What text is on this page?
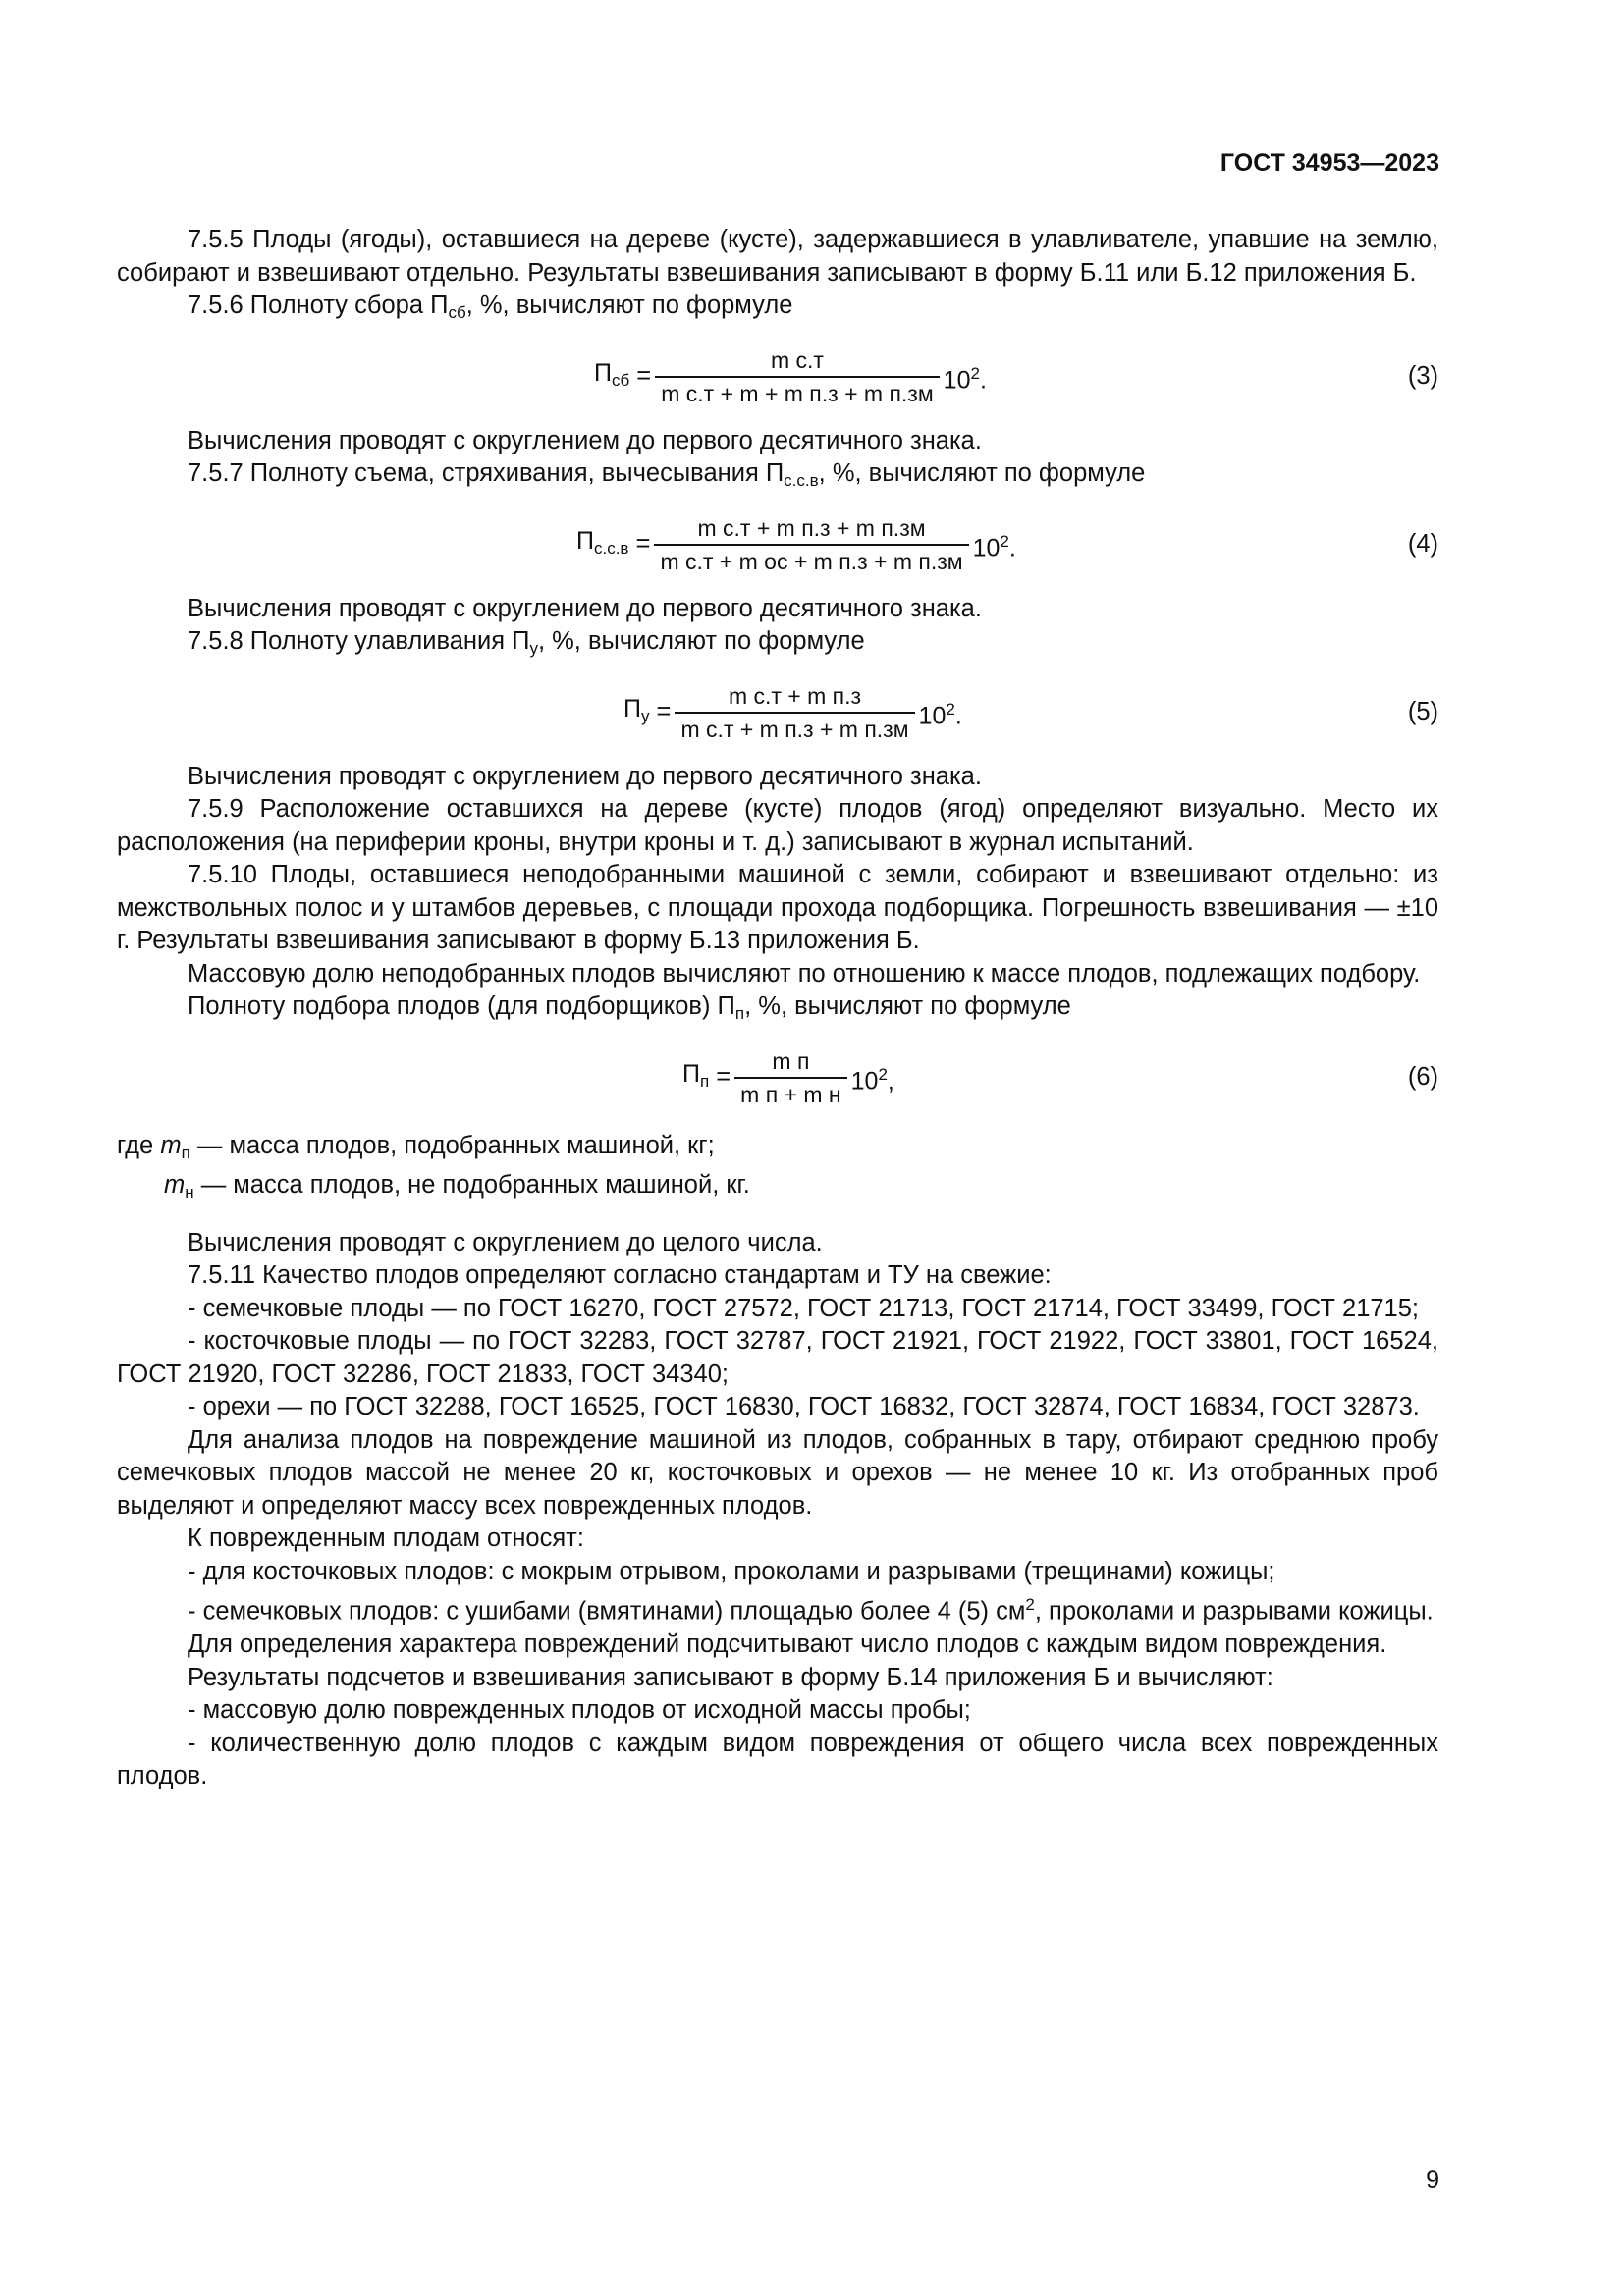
ГОСТ 34953—2023

7.5.5 Плоды (ягоды), оставшиеся на дереве (кусте), задержавшиеся в улавливателе, упавшие на землю, собирают и взвешивают отдельно. Результаты взвешивания записывают в форму Б.11 или Б.12 приложения Б.

7.5.6 Полноту сбора $П_{сб}$, %, вычисляют по формуле

$П_{сб} = \frac{\text{m с.т}}{\text{m с.т + m + m п.з + m п.зм}} 10^2$.	(3)

Вычисления проводят с округлением до первого десятичного знака.

7.5.7 Полноту съема, стряхивания, вычесывания $П_{с.с.в}$, %, вычисляют по формуле

$П_{с.с.в} = \frac{\text{m с.т + m п.з + m п.зм}}{\text{m с.т + m ос + m п.з + m п.зм}} 10^2$.	(4)

Вычисления проводят с округлением до первого десятичного знака.

7.5.8 Полноту улавливания $П_у$, %, вычисляют по формуле

$П_у = \frac{\text{m с.т + m п.з}}{\text{m с.т + m п.з + m п.зм}} 10^2$.	(5)

Вычисления проводят с округлением до первого десятичного знака.

7.5.9 Расположение оставшихся на дереве (кусте) плодов (ягод) определяют визуально. Место их расположения (на периферии кроны, внутри кроны и т. д.) записывают в журнал испытаний.

7.5.10 Плоды, оставшиеся неподобранными машиной с земли, собирают и взвешивают отдельно: из межствольных полос и у штамбов деревьев, с площади прохода подборщика. Погрешность взвешивания — ±10 г. Результаты взвешивания записывают в форму Б.13 приложения Б.

Массовую долю неподобранных плодов вычисляют по отношению к массе плодов, подлежащих подбору.

Полноту подбора плодов (для подборщиков) $П_п$, %, вычисляют по формуле

$П_п = \frac{\text{m п}}{\text{m п + m н}} 10^2$,	(6)

где $m_п$ — масса плодов, подобранных машиной, кг;

$m_н$ — масса плодов, не подобранных машиной, кг.

Вычисления проводят с округлением до целого числа.

7.5.11 Качество плодов определяют согласно стандартам и ТУ на свежие:

- семечковые плоды — по ГОСТ 16270, ГОСТ 27572, ГОСТ 21713, ГОСТ 21714, ГОСТ 33499, ГОСТ 21715;

- косточковые плоды — по ГОСТ 32283, ГОСТ 32787, ГОСТ 21921, ГОСТ 21922, ГОСТ 33801, ГОСТ 16524, ГОСТ 21920, ГОСТ 32286, ГОСТ 21833, ГОСТ 34340;

- орехи — по ГОСТ 32288, ГОСТ 16525, ГОСТ 16830, ГОСТ 16832, ГОСТ 32874, ГОСТ 16834, ГОСТ 32873.

Для анализа плодов на повреждение машиной из плодов, собранных в тару, отбирают среднюю пробу семечковых плодов массой не менее 20 кг, косточковых и орехов — не менее 10 кг. Из отобранных проб выделяют и определяют массу всех поврежденных плодов.

К поврежденным плодам относят:

- для косточковых плодов: с мокрым отрывом, проколами и разрывами (трещинами) кожицы;

- семечковых плодов: с ушибами (вмятинами) площадью более 4 (5) $см^2$, проколами и разрывами кожицы.

Для определения характера повреждений подсчитывают число плодов с каждым видом повреждения.

Результаты подсчетов и взвешивания записывают в форму Б.14 приложения Б и вычисляют:

- массовую долю поврежденных плодов от исходной массы пробы;

- количественную долю плодов с каждым видом повреждения от общего числа всех поврежденных плодов.

9
